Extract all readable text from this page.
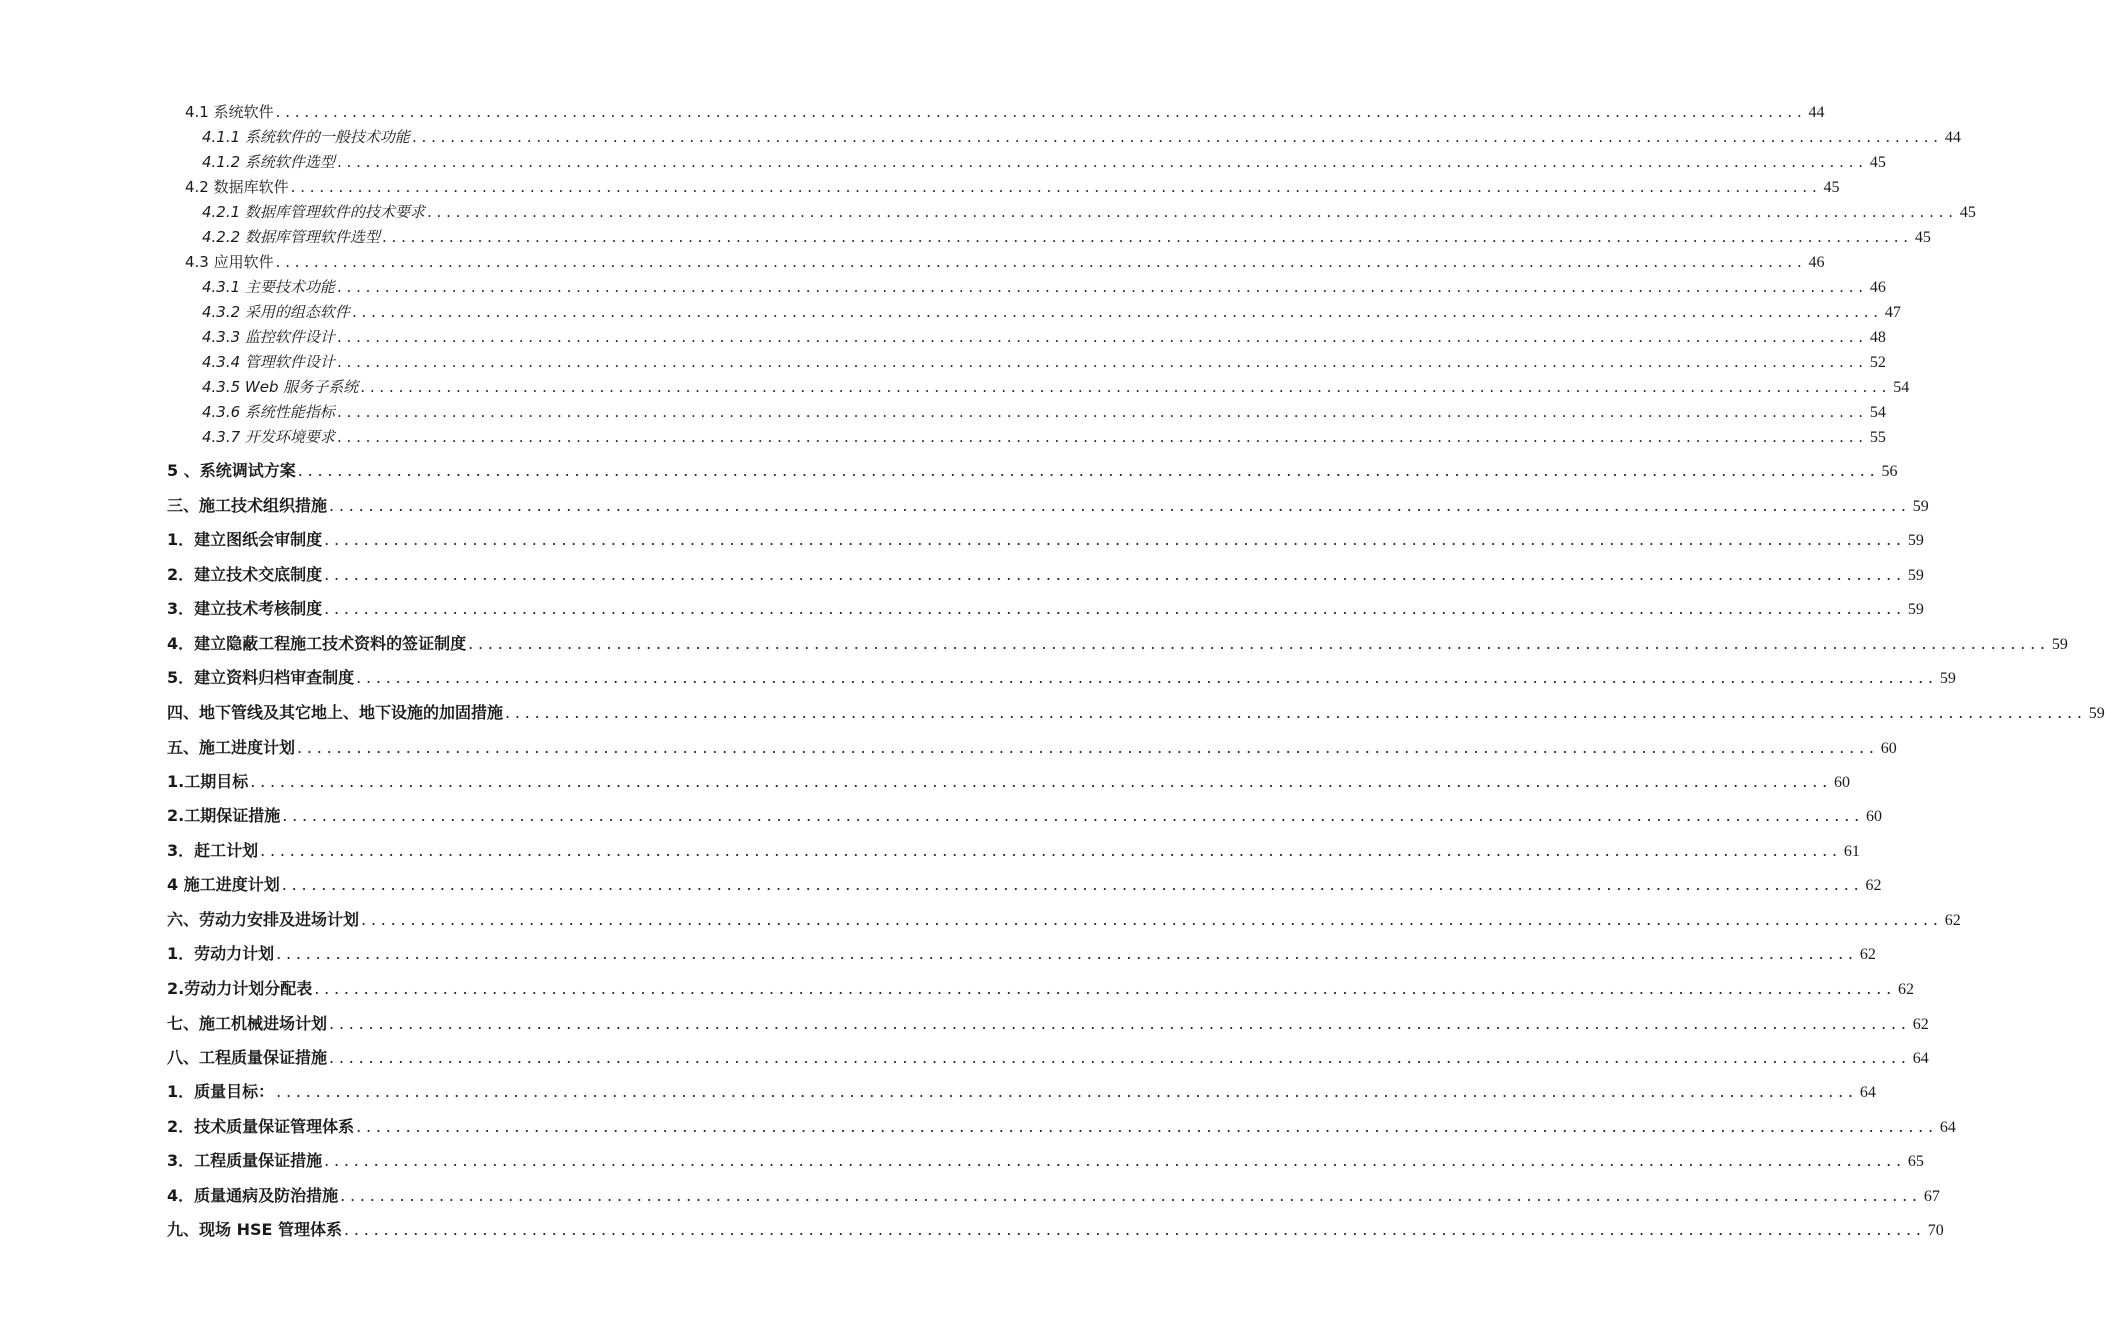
4.1 系统软件 ................................................................................................................................................................ 44
4.1.1 系统软件的一般技术功能 ................................................................................................................................................................ 44
4.1.2 系统软件选型 ................................................................................................................................................................ 45
4.2 数据库软件 ................................................................................................................................................................ 45
4.2.1 数据库管理软件的技术要求 ................................................................................................................................................................ 45
4.2.2 数据库管理软件选型 ................................................................................................................................................................ 45
4.3 应用软件 ................................................................................................................................................................ 46
4.3.1 主要技术功能 ................................................................................................................................................................ 46
4.3.2 采用的组态软件 ................................................................................................................................................................ 47
4.3.3 监控软件设计 ................................................................................................................................................................ 48
4.3.4 管理软件设计 ................................................................................................................................................................ 52
4.3.5 Web 服务子系统 ................................................................................................................................................................ 54
4.3.6 系统性能指标 ................................................................................................................................................................ 54
4.3.7 开发环境要求 ................................................................................................................................................................ 55
5 、系统调试方案 ................................................................................................................................................................ 56
三、施工技术组织措施 ................................................................................................................................................................ 59
1．建立图纸会审制度 ................................................................................................................................................................ 59
2．建立技术交底制度 ................................................................................................................................................................ 59
3．建立技术考核制度 ................................................................................................................................................................ 59
4．建立隐蔽工程施工技术资料的签证制度 ................................................................................................................................................................ 59
5．建立资料归档审查制度 ................................................................................................................................................................ 59
四、地下管线及其它地上、地下设施的加固措施 ................................................................................................................................................................ 59
五、施工进度计划 ................................................................................................................................................................ 60
1.工期目标 ................................................................................................................................................................ 60
2.工期保证措施 ................................................................................................................................................................ 60
3．赶工计划 ................................................................................................................................................................ 61
4 施工进度计划 ................................................................................................................................................................ 62
六、劳动力安排及进场计划 ................................................................................................................................................................ 62
1．劳动力计划 ................................................................................................................................................................ 62
2.劳动力计划分配表 ................................................................................................................................................................ 62
七、施工机械进场计划 ................................................................................................................................................................ 62
八、工程质量保证措施 ................................................................................................................................................................ 64
1．质量目标： ................................................................................................................................................................ 64
2．技术质量保证管理体系 ................................................................................................................................................................ 64
3．工程质量保证措施 ................................................................................................................................................................ 65
4．质量通病及防治措施 ................................................................................................................................................................ 67
九、现场 HSE 管理体系 ................................................................................................................................................................ 70
